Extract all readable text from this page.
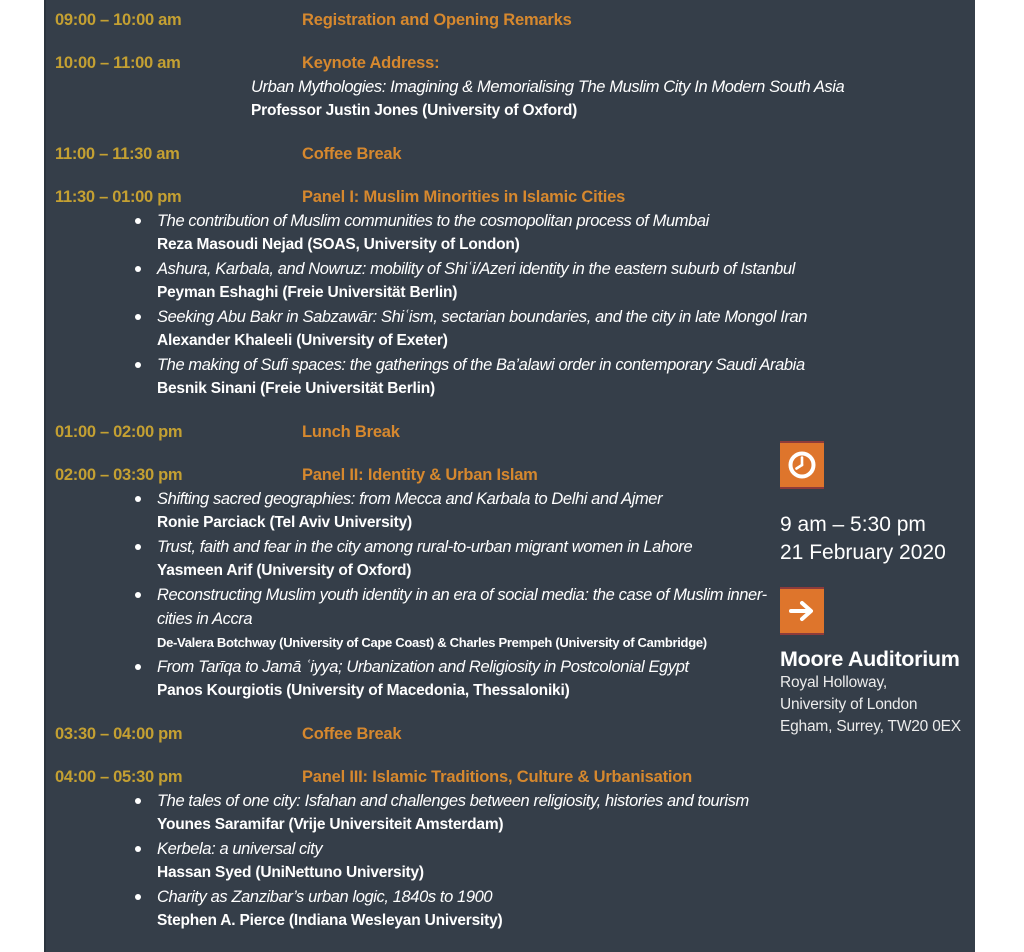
09:00 – 10:00 am	Registration and Opening Remarks
10:00 – 11:00 am	Keynote Address:
Urban Mythologies: Imagining & Memorialising The Muslim City In Modern South Asia
Professor Justin Jones (University of Oxford)
11:00 – 11:30 am	Coffee Break
11:30 – 01:00 pm	Panel I: Muslim Minorities in Islamic Cities
The contribution of Muslim communities to the cosmopolitan process of Mumbai
Reza Masoudi Nejad (SOAS, University of London)
Ashura, Karbala, and Nowruz: mobility of Shiʿi/Azeri identity in the eastern suburb of Istanbul
Peyman Eshaghi (Freie Universität Berlin)
Seeking Abu Bakr in Sabzawār: Shiʿism, sectarian boundaries, and the city in late Mongol Iran
Alexander Khaleeli (University of Exeter)
The making of Sufi spaces: the gatherings of the Ba’alawi order in contemporary Saudi Arabia
Besnik Sinani (Freie Universität Berlin)
01:00 – 02:00 pm	Lunch Break
02:00 – 03:30 pm	Panel II: Identity & Urban Islam
Shifting sacred geographies: from Mecca and Karbala to Delhi and Ajmer
Ronie Parciack (Tel Aviv University)
Trust, faith and fear in the city among rural-to-urban migrant women in Lahore
Yasmeen Arif (University of Oxford)
Reconstructing Muslim youth identity in an era of social media: the case of Muslim inner-cities in Accra
De-Valera Botchway (University of Cape Coast) & Charles Prempeh (University of Cambridge)
From Tarīqa to Jamā ʿiyya; Urbanization and Religiosity in Postcolonial Egypt
Panos Kourgiotis (University of Macedonia, Thessaloniki)
03:30 – 04:00 pm	Coffee Break
04:00 – 05:30 pm	Panel III: Islamic Traditions, Culture & Urbanisation
The tales of one city: Isfahan and challenges between religiosity, histories and tourism
Younes Saramifar (Vrije Universiteit Amsterdam)
Kerbela: a universal city
Hassan Syed (UniNettuno University)
Charity as Zanzibar’s urban logic, 1840s to 1900
Stephen A. Pierce (Indiana Wesleyan University)
9 am – 5:30 pm
21 February 2020
Moore Auditorium
Royal Holloway,
University of London
Egham, Surrey, TW20 0EX
